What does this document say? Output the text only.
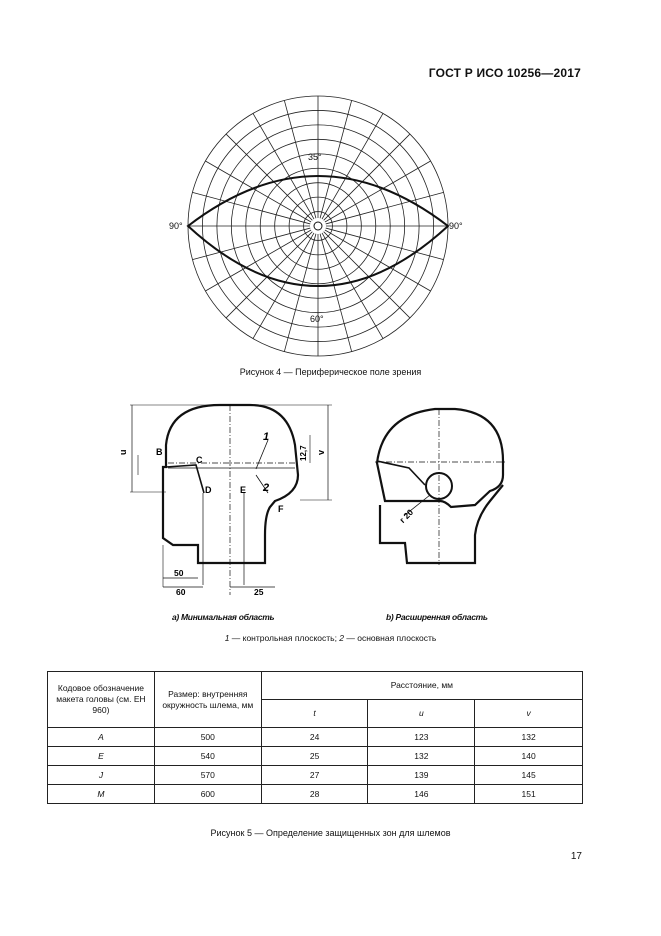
ГОСТ Р ИСО 10256—2017
35°
60°
90°	90°
Рисунок 4 — Периферическое поле зрения
B
C
D	E
F
1
2
u	v
12,7
50
60	25
r 20
а) Минимальная область	b) Расширенная область
1 — контрольная плоскость; 2 — основная плоскость
Кодовое обозначение макета головы (см. ЕН 960)	Размер: внутренняя окружность шлема, мм	Расстояние, мм		
		t	u	v
A	500	24	123	132
E	540	25	132	140
J	570	27	139	145
M	600	28	146	151
Рисунок 5 — Определение защищенных зон для шлемов
17
